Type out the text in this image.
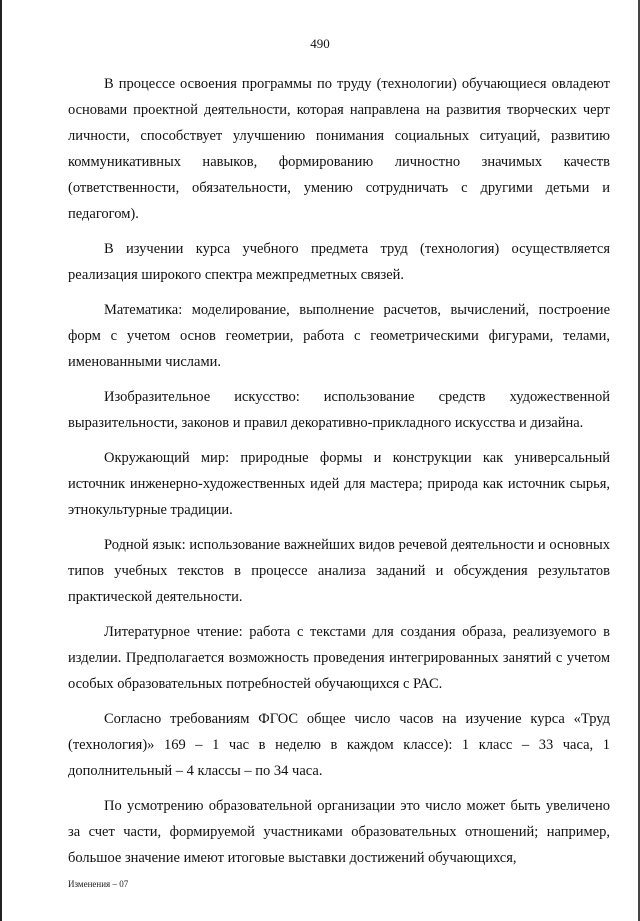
490

В процессе освоения программы по труду (технологии) обучающиеся овладеют основами проектной деятельности, которая направлена на развития творческих черт личности, способствует улучшению понимания социальных ситуаций, развитию коммуникативных навыков, формированию личностно значимых качеств (ответственности, обязательности, умению сотрудничать с другими детьми и педагогом).

В изучении курса учебного предмета труд (технология) осуществляется реализация широкого спектра межпредметных связей.

Математика: моделирование, выполнение расчетов, вычислений, построение форм с учетом основ геометрии, работа с геометрическими фигурами, телами, именованными числами.

Изобразительное искусство: использование средств художественной выразительности, законов и правил декоративно-прикладного искусства и дизайна.

Окружающий мир: природные формы и конструкции как универсальный источник инженерно-художественных идей для мастера; природа как источник сырья, этнокультурные традиции.

Родной язык: использование важнейших видов речевой деятельности и основных типов учебных текстов в процессе анализа заданий и обсуждения результатов практической деятельности.

Литературное чтение: работа с текстами для создания образа, реализуемого в изделии. Предполагается возможность проведения интегрированных занятий с учетом особых образовательных потребностей обучающихся с РАС.

Согласно требованиям ФГОС общее число часов на изучение курса «Труд (технология)» 169 – 1 час в неделю в каждом классе): 1 класс – 33 часа, 1 дополнительный – 4 классы – по 34 часа.

По усмотрению образовательной организации это число может быть увеличено за счет части, формируемой участниками образовательных отношений; например, большое значение имеют итоговые выставки достижений обучающихся,

Изменения – 07
